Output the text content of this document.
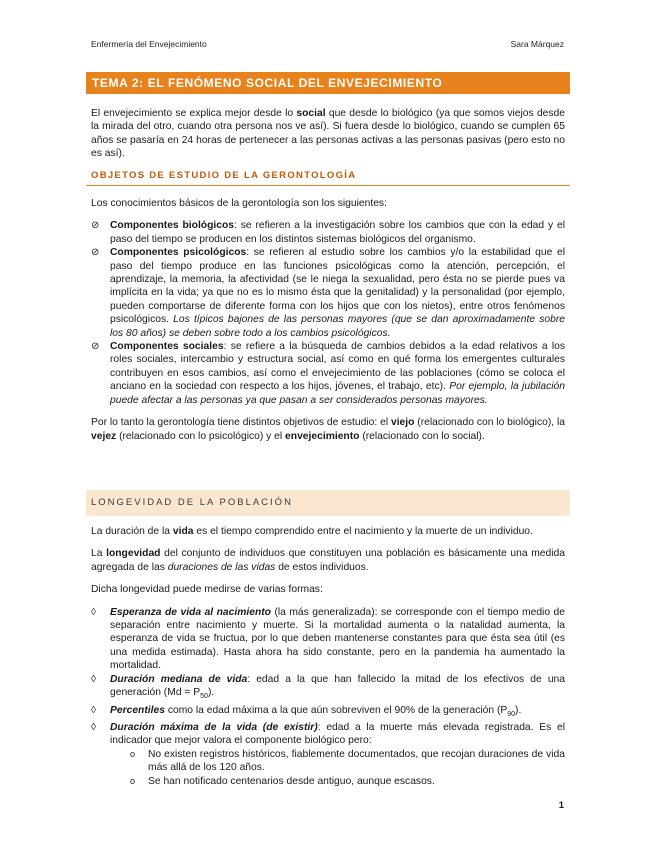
Enfermería del Envejecimiento	Sara Márquez
TEMA 2: EL FENÓMENO SOCIAL DEL ENVEJECIMIENTO

El envejecimiento se explica mejor desde lo social que desde lo biológico (ya que somos viejos desde la mirada del otro, cuando otra persona nos ve así). Si fuera desde lo biológico, cuando se cumplen 65 años se pasaría en 24 horas de pertenecer a las personas activas a las personas pasivas (pero esto no es así).

OBJETOS DE ESTUDIO DE LA GERONTOLOGÍA

Los conocimientos básicos de la gerontología son los siguientes:

⊘ Componentes biológicos: se refieren a la investigación sobre los cambios que con la edad y el paso del tiempo se producen en los distintos sistemas biológicos del organismo.
⊘ Componentes psicológicos: se refieren al estudio sobre los cambios y/o la estabilidad que el paso del tiempo produce en las funciones psicológicas como la atención, percepción, el aprendizaje, la memoria, la afectividad (se le niega la sexualidad, pero ésta no se pierde pues va implícita en la vida; ya que no es lo mismo ésta que la genitalidad) y la personalidad (por ejemplo, pueden comportarse de diferente forma con los hijos que con los nietos), entre otros fenómenos psicológicos. Los típicos bajones de las personas mayores (que se dan aproximadamente sobre los 80 años) se deben sobre todo a los cambios psicológicos.
⊘ Componentes sociales: se refiere a la búsqueda de cambios debidos a la edad relativos a los roles sociales, intercambio y estructura social, así como en qué forma los emergentes culturales contribuyen en esos cambios, así como el envejecimiento de las poblaciones (cómo se coloca el anciano en la sociedad con respecto a los hijos, jóvenes, el trabajo, etc). Por ejemplo, la jubilación puede afectar a las personas ya que pasan a ser considerados personas mayores.

Por lo tanto la gerontología tiene distintos objetivos de estudio: el viejo (relacionado con lo biológico), la vejez (relacionado con lo psicológico) y el envejecimiento (relacionado con lo social).

LONGEVIDAD DE LA POBLACIÓN

La duración de la vida es el tiempo comprendido entre el nacimiento y la muerte de un individuo.

La longevidad del conjunto de individuos que constituyen una población es básicamente una medida agregada de las duraciones de las vidas de estos individuos.

Dicha longevidad puede medirse de varias formas:

◊ Esperanza de vida al nacimiento (la más generalizada): se corresponde con el tiempo medio de separación entre nacimiento y muerte. Si la mortalidad aumenta o la natalidad aumenta, la esperanza de vida se fructua, por lo que deben mantenerse constantes para que ésta sea útil (es una medida estimada). Hasta ahora ha sido constante, pero en la pandemia ha aumentado la mortalidad.
◊ Duración mediana de vida: edad a la que han fallecido la mitad de los efectivos de una generación $(Md = P_{50})$.
◊ Percentiles como la edad máxima a la que aún sobreviven el 90% de la generación $(P_{90})$.
◊ Duración máxima de la vida (de existir): edad a la muerte más elevada registrada. Es el indicador que mejor valora el componente biológico pero:
o No existen registros históricos, fiablemente documentados, que recojan duraciones de vida más allá de los 120 años.
o Se han notificado centenarios desde antiguo, aunque escasos.
1
